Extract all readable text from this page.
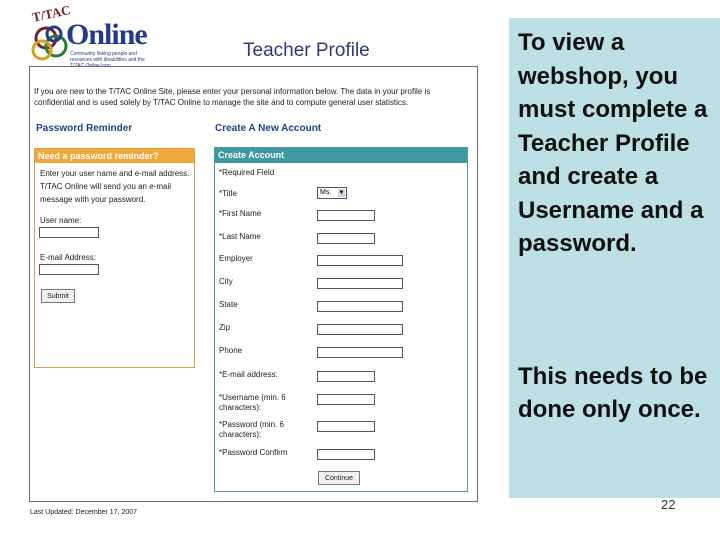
T/TAC
Online
Community linking people and resources with disabilities and the	Teacher Profile
If you are new to the T/TAC Online Site, please enter your personal information below. The data in your profile is confidential and is used solely by T/TAC Online to manage the site and to compute general user statistics.
Password Reminder	Create A New Account
Need a password reminder?
Enter your user name and e-mail address. T/TAC Online will send you an e-mail message with your password.
User name:
E-mail Address:
Submit
Create Account
*Required Field
*Title	Ms. ▼
*First Name
*Last Name
Employer
City
State
Zip
Phone
*E-mail address:
*Username (min. 6 characters):
*Password (min. 6 characters):
*Password Confirm
Continue
Last Updated: December 17, 2007
To view a webshop, you must complete a Teacher Profile and create a Username and a password.
This needs to be done only once.
22
